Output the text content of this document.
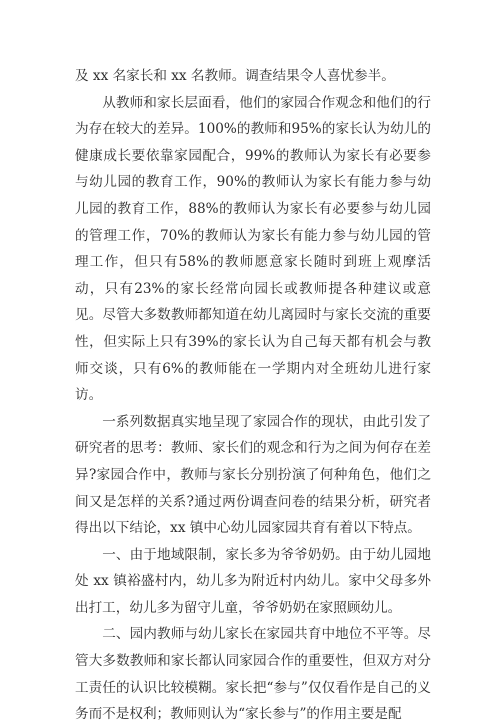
及 xx 名家长和 xx 名教师。调查结果令人喜忧参半。

从教师和家长层面看，他们的家园合作观念和他们的行为存在较大的差异。100%的教师和95%的家长认为幼儿的健康成长要依靠家园配合，99%的教师认为家长有必要参与幼儿园的教育工作，90%的教师认为家长有能力参与幼儿园的教育工作，88%的教师认为家长有必要参与幼儿园的管理工作，70%的教师认为家长有能力参与幼儿园的管理工作，但只有58%的教师愿意家长随时到班上观摩活动，只有23%的家长经常向园长或教师提各种建议或意见。尽管大多数教师都知道在幼儿离园时与家长交流的重要性，但实际上只有39%的家长认为自己每天都有机会与教师交谈，只有6%的教师能在一学期内对全班幼儿进行家访。

一系列数据真实地呈现了家园合作的现状，由此引发了研究者的思考：教师、家长们的观念和行为之间为何存在差异?家园合作中，教师与家长分别扮演了何种角色，他们之间又是怎样的关系?通过两份调查问卷的结果分析，研究者得出以下结论，xx 镇中心幼儿园家园共育有着以下特点。

一、由于地域限制，家长多为爷爷奶奶。由于幼儿园地处 xx 镇裕盛村内，幼儿多为附近村内幼儿。家中父母多外出打工，幼儿多为留守儿童，爷爷奶奶在家照顾幼儿。

二、园内教师与幼儿家长在家园共育中地位不平等。尽管大多数教师和家长都认同家园合作的重要性，但双方对分工责任的认识比较模糊。家长把“参与”仅仅看作是自己的义务而不是权利；教师则认为“家长参与”的作用主要是配
